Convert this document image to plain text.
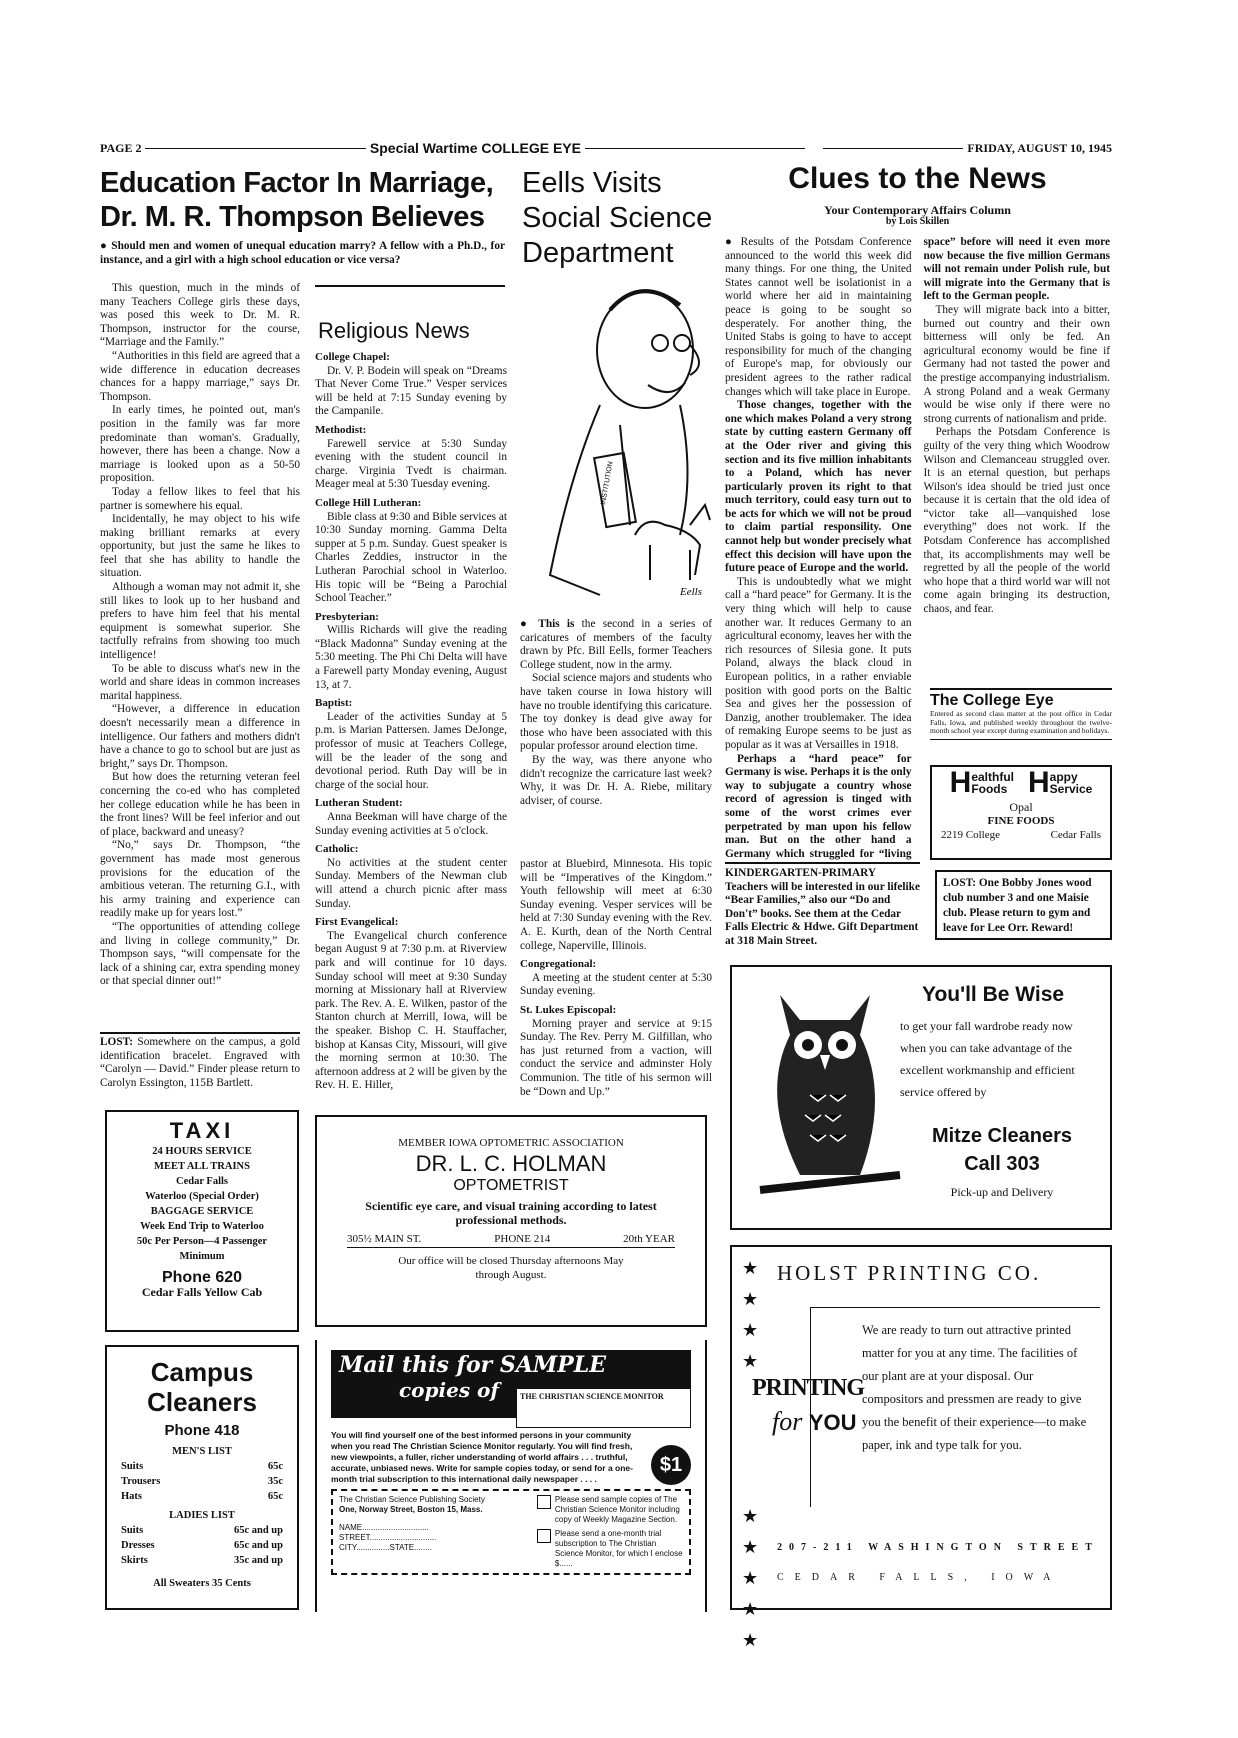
PAGE 2	Special Wartime COLLEGE EYE	FRIDAY, AUGUST 10, 1945
Education Factor In Marriage,
Dr. M. R. Thompson Believes
● Should men and women of unequal education marry? A fellow with a Ph.D., for instance, and a girl with a high school education or vice versa?

This question, much in the minds of many Teachers College girls these days, was posed this week to Dr. M. R. Thompson, instructor for the course, “Marriage and the Family.”

“Authorities in this field are agreed that a wide difference in education decreases chances for a happy marriage,” says Dr. Thompson.

In early times, he pointed out, man's position in the family was far more predominate than woman's. Gradually, however, there has been a change. Now a marriage is looked upon as a 50-50 proposition.

Today a fellow likes to feel that his partner is somewhere his equal.

Incidentally, he may object to his wife making brilliant remarks at every opportunity, but just the same he likes to feel that she has ability to handle the situation.

Although a woman may not admit it, she still likes to look up to her husband and prefers to have him feel that his mental equipment is somewhat superior. She tactfully refrains from showing too much intelligence!

To be able to discuss what's new in the world and share ideas in common increases marital happiness.

“However, a difference in education doesn't necessarily mean a difference in intelligence. Our fathers and mothers didn't have a chance to go to school but are just as bright,” says Dr. Thompson.

But how does the returning veteran feel concerning the co-ed who has completed her college education while he has been in the front lines? Will be feel inferior and out of place, backward and uneasy?

“No,” says Dr. Thompson, “the government has made most generous provisions for the education of the ambitious veteran. The returning G.I., with his army training and experience can readily make up for years lost.”

“The opportunities of attending college and living in college community,” Dr. Thompson says, “will compensate for the lack of a shining car, extra spending money or that special dinner out!”

LOST: Somewhere on the campus, a gold identification bracelet. Engraved with “Carolyn — David.” Finder please return to Carolyn Essington, 115B Bartlett.
Religious News
College Chapel:

Dr. V. P. Bodein will speak on “Dreams That Never Come True.” Vesper services will be held at 7:15 Sunday evening by the Campanile.

Methodist:

Farewell service at 5:30 Sunday evening with the student council in charge. Virginia Tvedt is chairman. Meager meal at 5:30 Tuesday evening.

College Hill Lutheran:

Bible class at 9:30 and Bible services at 10:30 Sunday morning. Gamma Delta supper at 5 p.m. Sunday. Guest speaker is Charles Zeddies, instructor in the Lutheran Parochial school in Waterloo. His topic will be “Being a Parochial School Teacher.”

Presbyterian:

Willis Richards will give the reading “Black Madonna” Sunday evening at the 5:30 meeting. The Phi Chi Delta will have a Farewell party Monday evening, August 13, at 7.

Baptist:

Leader of the activities Sunday at 5 p.m. is Marian Pattersen. James DeJonge, professor of music at Teachers College, will be the leader of the song and devotional period. Ruth Day will be in charge of the social hour.

Lutheran Student:

Anna Beekman will have charge of the Sunday evening activities at 5 o'clock.

Catholic:

No activities at the student center Sunday. Members of the Newman club will attend a church picnic after mass Sunday.

First Evangelical:

The Evangelical church conference began August 9 at 7:30 p.m. at Riverview park and will continue for 10 days. Sunday school will meet at 9:30 Sunday morning at Missionary hall at Riverview park. The Rev. A. E. Wilken, pastor of the Stanton church at Merrill, Iowa, will be the speaker. Bishop C. H. Stauffacher, bishop at Kansas City, Missouri, will give the morning sermon at 10:30. The afternoon address at 2 will be given by the Rev. H. E. Hiller,

pastor at Bluebird, Minnesota. His topic will be “Imperatives of the Kingdom.” Youth fellowship will meet at 6:30 Sunday evening. Vesper services will be held at 7:30 Sunday evening with the Rev. A. E. Kurth, dean of the North Central college, Naperville, Illinois.

Congregational:

A meeting at the student center at 5:30 Sunday evening.

St. Lukes Episcopal:

Morning prayer and service at 9:15 Sunday. The Rev. Perry M. Gilfillan, who has just returned from a vaction, will conduct the service and adminster Holy Communion. The title of his sermon will be “Down and Up.”

Eells Visits
Social Science
Department
Eells
INSTITUTION

● This is the second in a series of caricatures of members of the faculty drawn by Pfc. Bill Eells, former Teachers College student, now in the army.

Social science majors and students who have taken course in Iowa history will have no trouble identifying this caricature. The toy donkey is dead give away for those who have been associated with this popular professor around election time.

By the way, was there anyone who didn't recognize the carricature last week? Why, it was Dr. H. A. Riebe, military adviser, of course.

Clues to the News
Your Contemporary Affairs Column
by Lois Skillen

● Results of the Potsdam Conference announced to the world this week did many things. For one thing, the United States cannot well be isolationist in a world where her aid in maintaining peace is going to be sought so desperately. For another thing, the United Stabs is going to have to accept responsibility for much of the changing of Europe's map, for obviously our president agrees to the rather radical changes which will take place in Europe.

Those changes, together with the one which makes Poland a very strong state by cutting eastern Germany off at the Oder river and giving this section and its five million inhabitants to a Poland, which has never particularly proven its right to that much territory, could easy turn out to be acts for which we will not be proud to claim partial responsility. One cannot help but wonder precisely what effect this decision will have upon the future peace of Europe and the world.

This is undoubtedly what we might call a “hard peace” for Germany. It is the very thing which will help to cause another war. It reduces Germany to an agricultural economy, leaves her with the rich resources of Silesia gone. It puts Poland, always the black cloud in European politics, in a rather enviable position with good ports on the Baltic Sea and gives her the possession of Danzig, another troublemaker. The idea of remaking Europe seems to be just as popular as it was at Versailles in 1918.

Perhaps a “hard peace” for Germany is wise. Perhaps it is the only way to subjugate a country whose record of agression is tinged with some of the worst crimes ever perpetrated by man upon his fellow man. But on the other hand a Germany which struggled for “living space” before will need it even more now because the five million Germans will not remain under Polish rule, but will migrate into the Germany that is left to the German people.

They will migrate back into a bitter, burned out country and their own bitterness will only be fed. An agricultural economy would be fine if Germany had not tasted the power and the prestige accompanying industrialism. A strong Poland and a weak Germany would be wise only if there were no strong currents of nationalism and pride.

Perhaps the Potsdam Conference is guilty of the very thing which Woodrow Wilson and Clemanceau struggled over. It is an eternal question, but perhaps Wilson's idea should be tried just once because it is certain that the old idea of “victor take all—vanquished lose everything” does not work. If the Potsdam Conference has accomplished that, its accomplishments may well be regretted by all the people of the world who hope that a third world war will not come again bringing its destruction, chaos, and fear.

The College Eye
Entered as second class matter at the post office in Cedar Falls, Iowa, and published weekly throughout the twelve-month school year except during examination and holidays.
H ealthful
Foods H appy
Service
Opal
FINE FOODS
2219 College	Cedar Falls
LOST: One Bobby Jones wood club number 3 and one Maisie club. Please return to gym and leave for Lee Orr. Reward!
KINDERGARTEN-PRIMARY
Teachers will be interested in our lifelike “Bear Families,” also our “Do and Don't” books. See them at the Cedar Falls Electric & Hdwe. Gift Department at 318 Main Street.
TAXI
24 HOURS SERVICE
MEET ALL TRAINS
Cedar Falls
Waterloo (Special Order)
BAGGAGE SERVICE
Week End Trip to Waterloo
50c Per Person—4 Passenger
Minimum
Phone 620
Cedar Falls Yellow Cab
Campus
Cleaners
Phone 418
MEN'S LIST
Suits	65c
Trousers	35c
Hats	65c
LADIES LIST
Suits	65c and up
Dresses	65c and up
Skirts	35c and up
All Sweaters 35 Cents
MEMBER IOWA OPTOMETRIC ASSOCIATION
DR. L. C. HOLMAN
OPTOMETRIST
Scientific eye care, and visual training according to latest professional methods.
305½ MAIN ST.	PHONE 214	20th YEAR
Our office will be closed Thursday afternoons May through August.
Mail this for SAMPLE
copies of	THE CHRISTIAN SCIENCE MONITOR
You will find yourself one of the best informed persons in your community when you read The Christian Science Monitor regularly. You will find fresh, new viewpoints, a fuller, richer understanding of world affairs . . . truthful, accurate, unbiased news. Write for sample copies today, or send for a one-month trial subscription to this international daily newspaper . . . .
$1
The Christian Science Publishing Society
One, Norway Street, Boston 15, Mass.
NAME..............................
STREET..............................
CITY...............STATE........
Please send sample copies of The Christian Science Monitor including copy of Weekly Magazine Section.
Please send a one-month trial subscription to The Christian Science Monitor, for which I enclose $......
You'll Be Wise
to get your fall wardrobe ready now when you can take advantage of the excellent workmanship and efficient service offered by
Mitze Cleaners
Call 303
Pick-up and Delivery
★
★
★
★
★
★
★
★
★
HOLST PRINTING CO.
PRINTING
for YOU
We are ready to turn out attractive printed matter for you at any time. The facilities of our plant are at your disposal. Our compositors and pressmen are ready to give you the benefit of their experience—to make paper, ink and type talk for you.
207-211 WASHINGTON STREET
CEDAR FALLS, IOWA
